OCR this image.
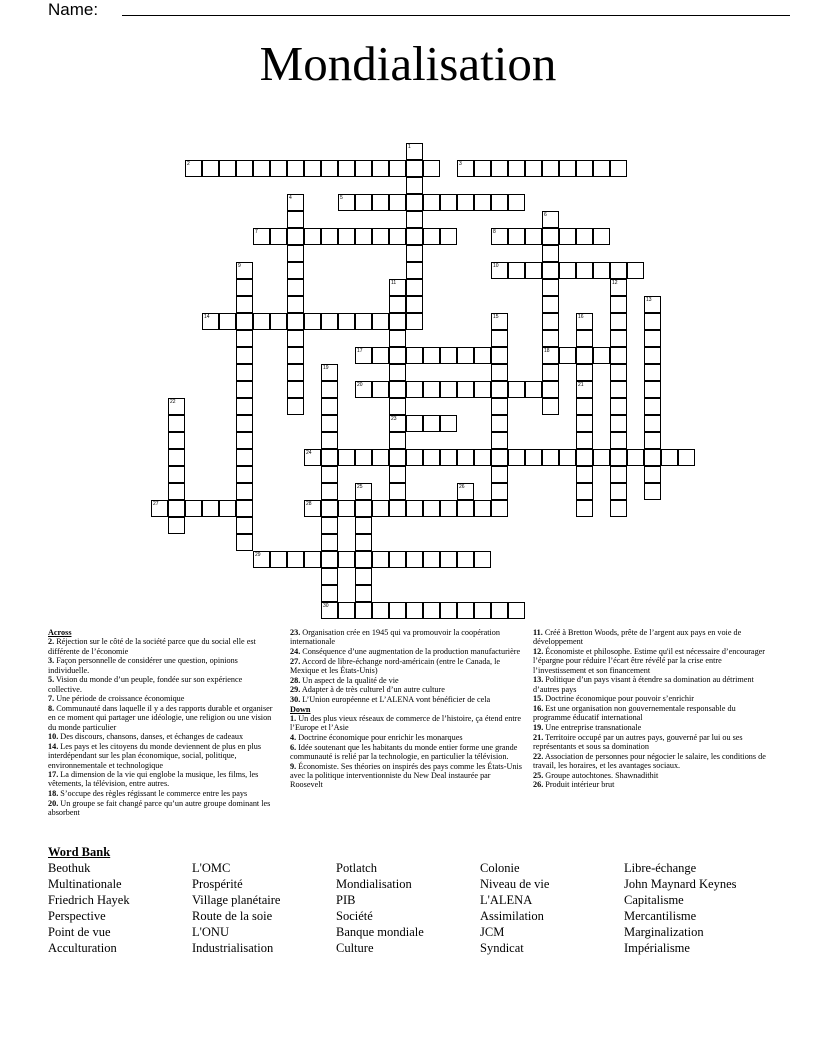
Name:
Mondialisation
1
2	3
4	5
6
18
7	8
9	10
11
23
12
13
14	15	16
17
19
20	21
22
24
25	26
27	28
29
30
Across
2. Réjection sur le côté de la société parce que du social elle est différente de l’économie
3. Façon personnelle de considérer une question, opinions individuelle.
5. Vision du monde d’un peuple, fondée sur son expérience collective.
7. Une période de croissance économique
8. Communauté dans laquelle il y a des rapports durable et organiser en ce moment qui partager une idéologie, une religion ou une vision du monde particulier
10. Des discours, chansons, danses, et échanges de cadeaux
14. Les pays et les citoyens du monde deviennent de plus en plus interdépendant sur les plan économique, social, politique, environnementale et technologique
17. La dimension de la vie qui englobe la musique, les films, les vêtements, la télévision, entre autres.
18. S’occupe des règles régissant le commerce entre les pays
20. Un groupe se fait changé parce qu’un autre groupe dominant les absorbent
23. Organisation crée en 1945 qui va promouvoir la coopération internationale
24. Conséquence d’une augmentation de la production manufacturière
27. Accord de libre-échange nord-américain (entre le Canada, le Mexique et les États-Unis)
28. Un aspect de la qualité de vie
29. Adapter à de très culturel d’un autre culture
30. L’Union européenne et L’ALENA vont bénéficier de cela
Down
1. Un des plus vieux réseaux de commerce de l’histoire, ça étend entre l’Europe et l’Asie
4. Doctrine économique pour enrichir les monarques
6. Idée soutenant que les habitants du monde entier forme une grande communauté is relié par la technologie, en particulier la télévision.
9. Économiste. Ses théories on inspirés des pays comme les États-Unis avec la politique interventionniste du New Deal instaurée par Roosevelt
11. Créé à Bretton Woods, prête de l’argent aux pays en voie de développement
12. Économiste et philosophe. Estime qu'il est nécessaire d’encourager l’épargne pour réduire l’écart être révélé par la crise entre l’investissement et son financement
13. Politique d’un pays visant à étendre sa domination au détriment d’autres pays
15. Doctrine économique pour pouvoir s’enrichir
16. Est une organisation non gouvernementale responsable du programme éducatif international
19. Une entreprise transnationale
21. Territoire occupé par un autres pays, gouverné par lui ou ses représentants et sous sa domination
22. Association de personnes pour négocier le salaire, les conditions de travail, les horaires, et les avantages sociaux.
25. Groupe autochtones. Shawnadithit
26. Produit intérieur brut
Word Bank
Beothuk
Multinationale
Friedrich Hayek
Perspective
Point de vue
Acculturation
L'OMC
Prospérité
Village planétaire
Route de la soie
L'ONU
Industrialisation
Potlatch
Mondialisation
PIB
Société
Banque mondiale
Culture
Colonie
Niveau de vie
L'ALENA
Assimilation
JCM
Syndicat
Libre-échange
John Maynard Keynes
Capitalisme
Mercantilisme
Marginalization
Impérialisme
